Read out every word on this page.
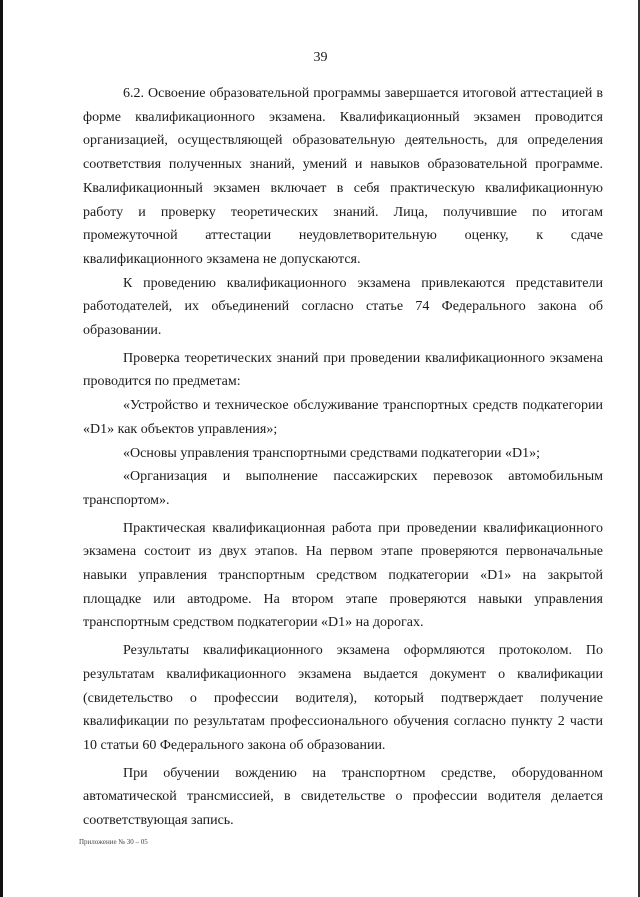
39

6.2. Освоение образовательной программы завершается итоговой аттестацией в форме квалификационного экзамена. Квалификационный экзамен проводится организацией, осуществляющей образовательную деятельность, для определения соответствия полученных знаний, умений и навыков образовательной программе. Квалификационный экзамен включает в себя практическую квалификационную работу и проверку теоретических знаний. Лица, получившие по итогам промежуточной аттестации неудовлетворительную оценку, к сдаче квалификационного экзамена не допускаются.

К проведению квалификационного экзамена привлекаются представители работодателей, их объединений согласно статье 74 Федерального закона об образовании.

Проверка теоретических знаний при проведении квалификационного экзамена проводится по предметам:

«Устройство и техническое обслуживание транспортных средств подкатегории «D1» как объектов управления»;

«Основы управления транспортными средствами подкатегории «D1»;

«Организация и выполнение пассажирских перевозок автомобильным транспортом».

Практическая квалификационная работа при проведении квалификационного экзамена состоит из двух этапов. На первом этапе проверяются первоначальные навыки управления транспортным средством подкатегории «D1» на закрытой площадке или автодроме. На втором этапе проверяются навыки управления транспортным средством подкатегории «D1» на дорогах.

Результаты квалификационного экзамена оформляются протоколом. По результатам квалификационного экзамена выдается документ о квалификации (свидетельство о профессии водителя), который подтверждает получение квалификации по результатам профессионального обучения согласно пункту 2 части 10 статьи 60 Федерального закона об образовании.

При обучении вождению на транспортном средстве, оборудованном автоматической трансмиссией, в свидетельстве о профессии водителя делается соответствующая запись.

Приложение № 30 – 05
